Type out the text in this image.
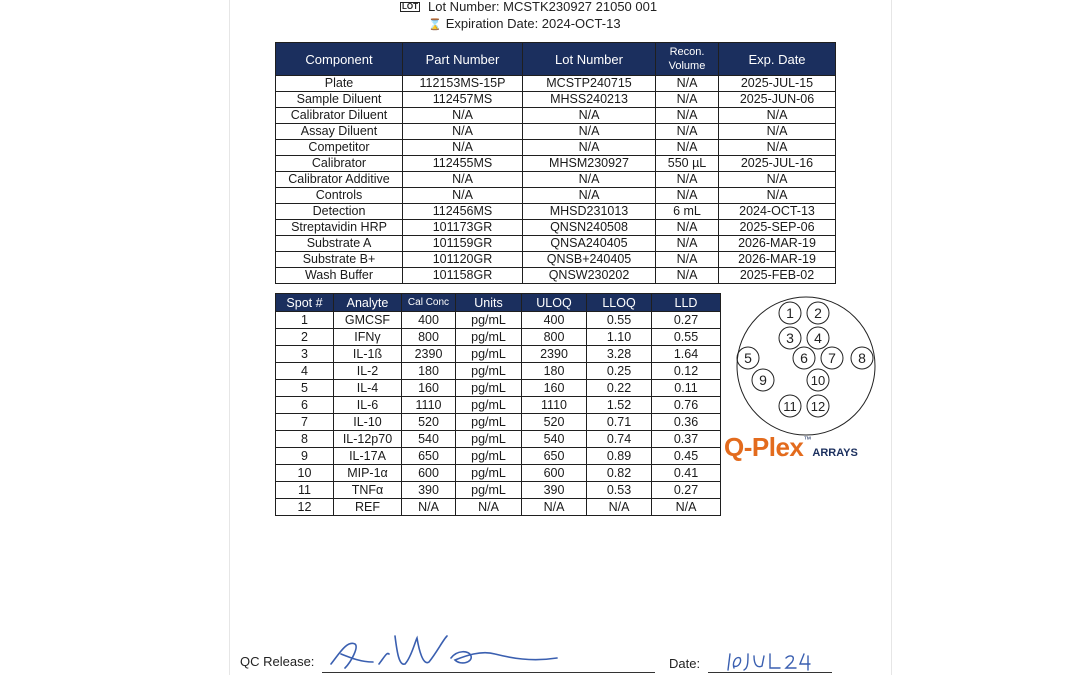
LOT Lot Number: MCSTK230927 21050 001
⌛ Expiration Date: 2024-OCT-13
Component	Part Number	Lot Number	Recon. Volume	Exp. Date
Plate	112153MS-15P	MCSTP240715	N/A	2025-JUL-15
Sample Diluent	112457MS	MHSS240213	N/A	2025-JUN-06
Calibrator Diluent	N/A	N/A	N/A	N/A
Assay Diluent	N/A	N/A	N/A	N/A
Competitor	N/A	N/A	N/A	N/A
Calibrator	112455MS	MHSM230927	550 µL	2025-JUL-16
Calibrator Additive	N/A	N/A	N/A	N/A
Controls	N/A	N/A	N/A	N/A
Detection	112456MS	MHSD231013	6 mL	2024-OCT-13
Streptavidin HRP	101173GR	QNSN240508	N/A	2025-SEP-06
Substrate A	101159GR	QNSA240405	N/A	2026-MAR-19
Substrate B+	101120GR	QNSB+240405	N/A	2026-MAR-19
Wash Buffer	101158GR	QNSW230202	N/A	2025-FEB-02
Spot #	Analyte	Cal Conc	Units	ULOQ	LLOQ	LLD
1	GMCSF	400	pg/mL	400	0.55	0.27
2	IFNγ	800	pg/mL	800	1.10	0.55
3	IL-1ß	2390	pg/mL	2390	3.28	1.64
4	IL-2	180	pg/mL	180	0.25	0.12
5	IL-4	160	pg/mL	160	0.22	0.11
6	IL-6	1110	pg/mL	1110	1.52	0.76
7	IL-10	520	pg/mL	520	0.71	0.36
8	IL-12p70	540	pg/mL	540	0.74	0.37
9	IL-17A	650	pg/mL	650	0.89	0.45
10	MIP-1α	600	pg/mL	600	0.82	0.41
11	TNFα	390	pg/mL	390	0.53	0.27
12	REF	N/A	N/A	N/A	N/A	N/A
1 2
3 4
5	6 7 8
9	10
11 12
Q-Plex™ARRAYS
QC Release:	Date:
